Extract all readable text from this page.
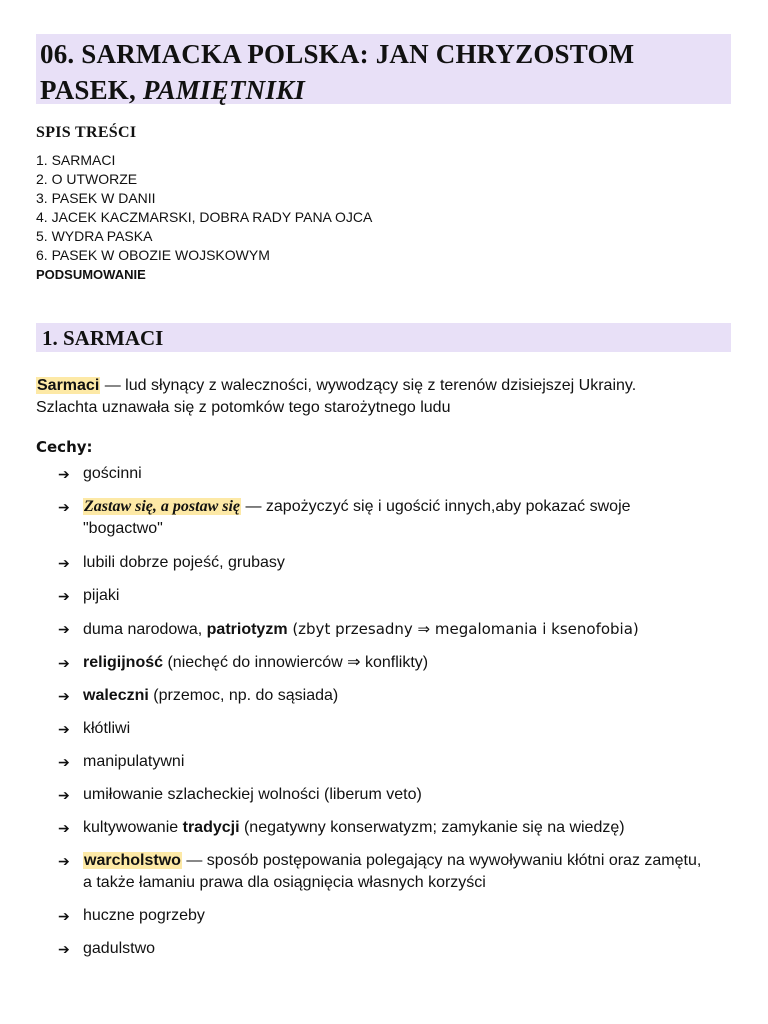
06. SARMACKA POLSKA: JAN CHRYZOSTOM
PASEK, PAMIĘTNIKI
SPIS TREŚCI
1. SARMACI
2. O UTWORZE
3. PASEK W DANII
4. JACEK KACZMARSKI, DOBRA RADY PANA OJCA
5. WYDRA PASKA
6. PASEK W OBOZIE WOJSKOWYM
PODSUMOWANIE
1. SARMACI
Sarmaci — lud słynący z waleczności, wywodzący się z terenów dzisiejszej Ukrainy.
Szlachta uznawała się z potomków tego starożytnego ludu
Cechy:
➔ gościnni
➔ Zastaw się, a postaw się — zapożyczyć się i ugościć innych,aby pokazać swoje
"bogactwo"
➔ lubili dobrze pojeść, grubasy
➔ pijaki
➔ duma narodowa, patriotyzm (zbyt przesadny ⇒ megalomania i ksenofobia)
➔ religijność (niechęć do innowierców ⇒ konflikty)
➔ waleczni (przemoc, np. do sąsiada)
➔ kłótliwi
➔ manipulatywni
➔ umiłowanie szlacheckiej wolności (liberum veto)
➔ kultywowanie tradycji (negatywny konserwatyzm; zamykanie się na wiedzę)
➔ warcholstwo — sposób postępowania polegający na wywoływaniu kłótni oraz zamętu,
a także łamaniu prawa dla osiągnięcia własnych korzyści
➔ huczne pogrzeby
➔ gadulstwo
